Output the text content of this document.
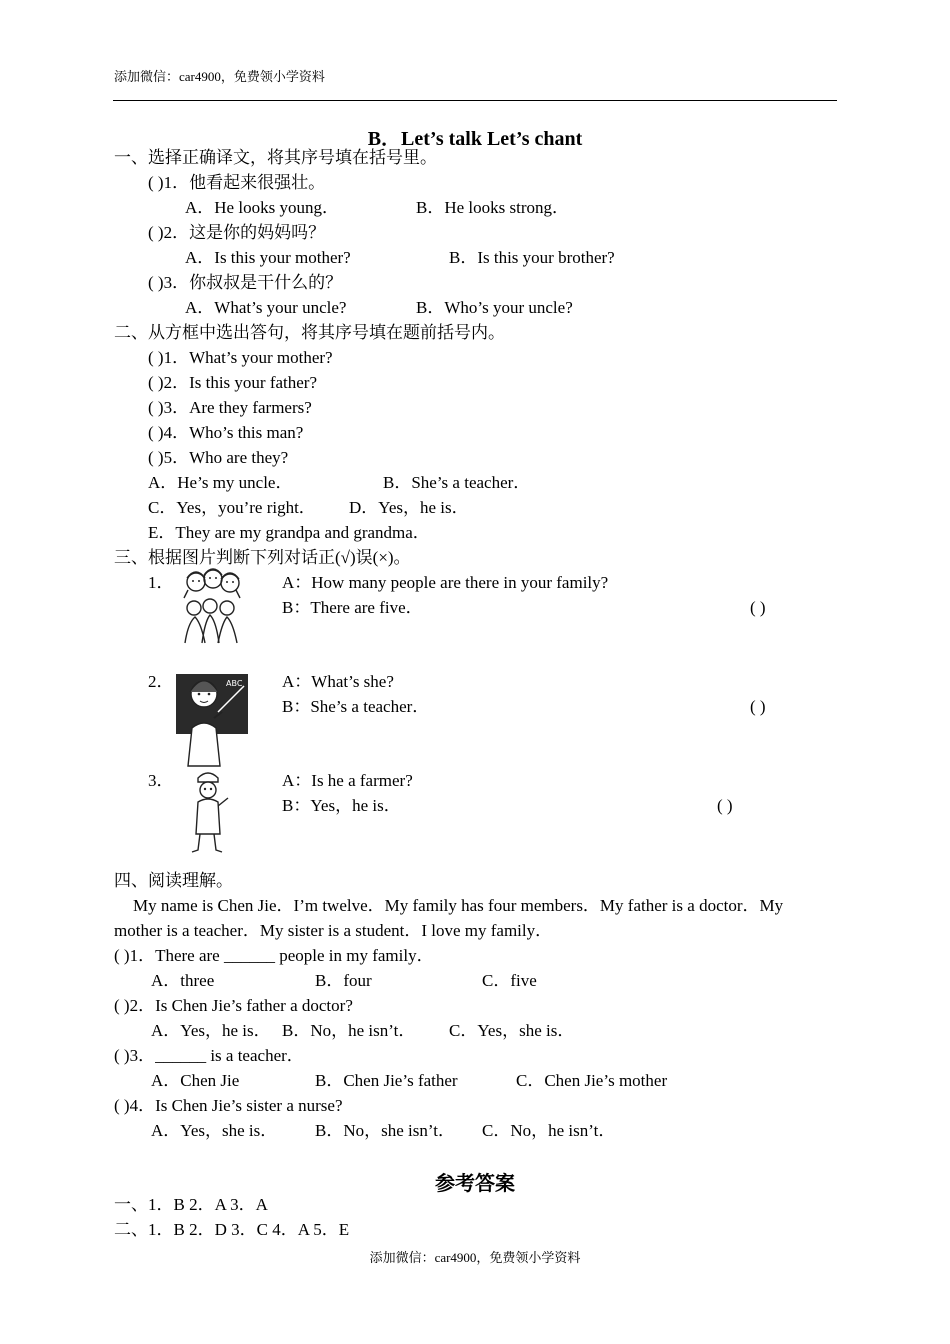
添加微信：car4900，免费领小学资料
B．Let’s talk Let’s chant
一、选择正确译文，将其序号填在括号里。
( )1．他看起来很强壮。
A．He looks young．	B．He looks strong．
( )2．这是你的妈妈吗？
A．Is this your mother?	B．Is this your brother?
( )3．你叔叔是干什么的？
A．What’s your uncle?	B．Who’s your uncle?
二、从方框中选出答句，将其序号填在题前括号内。
( )1．What’s your mother?
( )2．Is this your father?
( )3．Are they farmers?
( )4．Who’s this man?
( )5．Who are they?
A．He’s my uncle．	B．She’s a teacher．
C．Yes，you’re right． D．Yes，he is．
E．They are my grandpa and grandma．
三、根据图片判断下列对话正(√)误(×)。
1．	A：How many people are there in your family?
B：There are five．	( )
2．	ABC A：What’s she?
B：She’s a teacher．	( )
3．	A：Is he a farmer?
B：Yes，he is．	( )
四、阅读理解。
My name is Chen Jie．I’m twelve．My family has four members．My father is a doctor．My
mother is a teacher．My sister is a student．I love my family．
( )1．There are ______ people in my family．
A．three	B．four	C．five
( )2．Is Chen Jie’s father a doctor?
A．Yes，he is． B．No，he isn’t． C．Yes，she is．
( )3．______ is a teacher．
A．Chen Jie	B．Chen Jie’s father	C．Chen Jie’s mother
( )4．Is Chen Jie’s sister a nurse?
A．Yes，she is． B．No，she isn’t． C．No，he isn’t．
参考答案
一、1．B 2．A 3．A
二、1．B 2．D 3．C 4．A 5．E
添加微信：car4900，免费领小学资料
